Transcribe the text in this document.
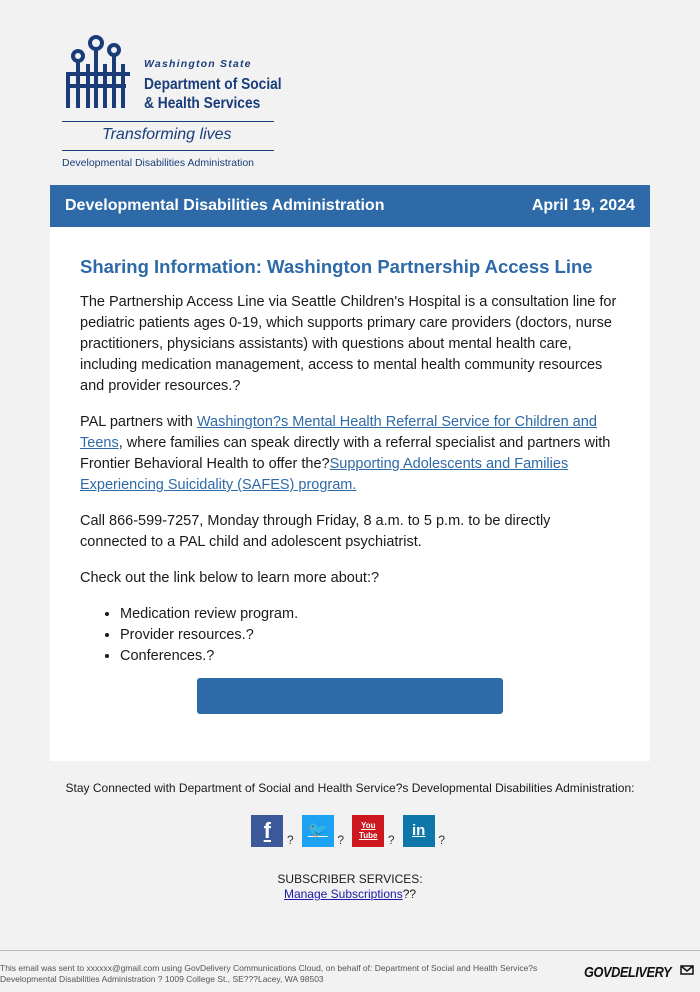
Washington State
Department of Social
& Health Services
Transforming lives
Developmental Disabilities Administration
Developmental Disabilities Administration	April 19, 2024
Sharing Information: Washington Partnership Access Line

The Partnership Access Line via Seattle Children's Hospital is a consultation line for pediatric patients ages 0-19, which supports primary care providers (doctors, nurse practitioners, physicians assistants) with questions about mental health care, including medication management, access to mental health community resources and provider resources.?

PAL partners with Washington?s Mental Health Referral Service for Children and Teens, where families can speak directly with a referral specialist and partners with Frontier Behavioral Health to offer the?Supporting Adolescents and Families Experiencing Suicidality (SAFES) program.

Call 866-599-7257, Monday through Friday, 8 a.m. to 5 p.m. to be directly connected to a PAL child and adolescent psychiatrist.

Check out the link below to learn more about:?

• Medication review program.
• Provider resources.?
• Conferences.?
Washington Partnership Access Line
Stay Connected with Department of Social and Health Service?s Developmental Disabilities Administration:
f ? 🐦? You Tube ? in?
SUBSCRIBER SERVICES:
Manage Subscriptions??
This email was sent to xxxxxx@gmail.com using GovDelivery Communications Cloud, on behalf of: Department of Social and Health Service?s Developmental Disabilities Administration ? 1009 College St., SE???Lacey, WA 98503	GOVDELIVERY
